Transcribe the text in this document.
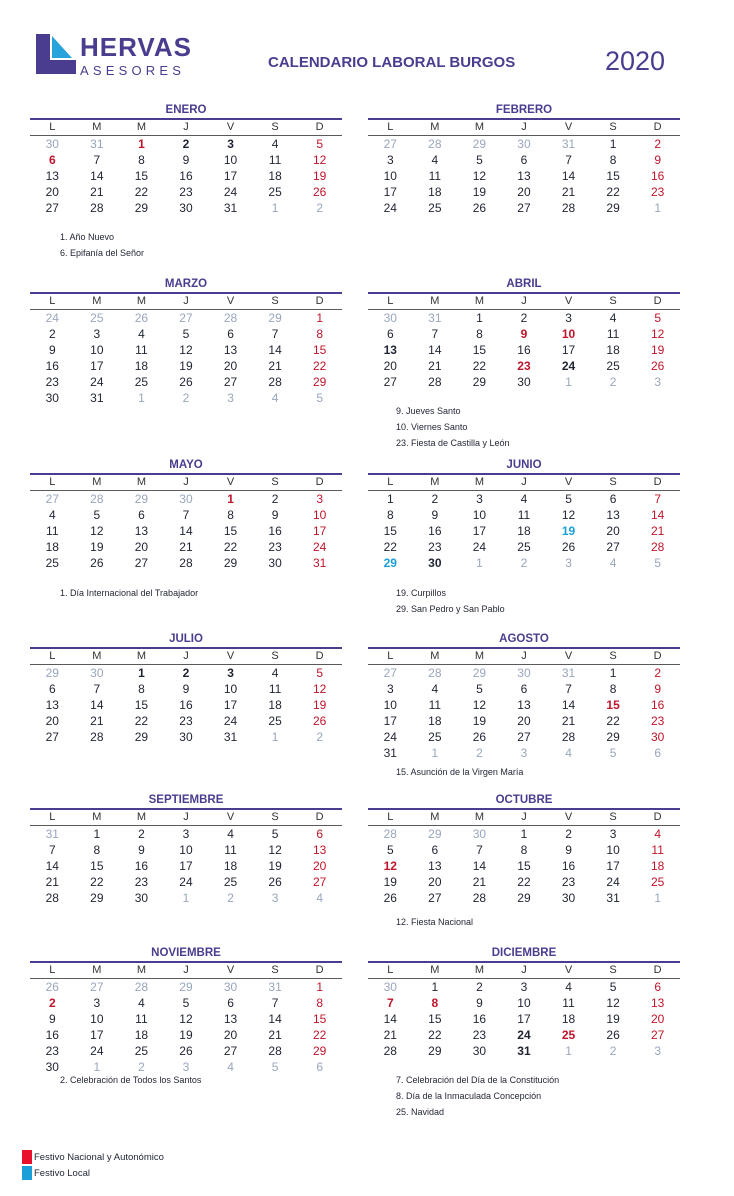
HERVAS
ASESORES	CALENDARIO LABORAL BURGOS	2020
ENERO
L	M	M	J	V	S	D
30	31	1	2	3	4	5
6	7	8	9	10	11	12
13	14	15	16	17	18	19
20	21	22	23	24	25	26
27	28	29	30	31	1	2
1. Año Nuevo
6. Epifanía del Señor
FEBRERO
L	M	M	J	V	S	D
27	28	29	30	31	1	2
3	4	5	6	7	8	9
10	11	12	13	14	15	16
17	18	19	20	21	22	23
24	25	26	27	28	29	1
MARZO
L	M	M	J	V	S	D
24	25	26	27	28	29	1
2	3	4	5	6	7	8
9	10	11	12	13	14	15
16	17	18	19	20	21	22
23	24	25	26	27	28	29
30	31	1	2	3	4	5
ABRIL
L	M	M	J	V	S	D
30	31	1	2	3	4	5
6	7	8	9	10	11	12
13	14	15	16	17	18	19
20	21	22	23	24	25	26
27	28	29	30	1	2	3
9. Jueves Santo
10. Viernes Santo
23. Fiesta de Castilla y León
MAYO
L	M	M	J	V	S	D
27	28	29	30	1	2	3
4	5	6	7	8	9	10
11	12	13	14	15	16	17
18	19	20	21	22	23	24
25	26	27	28	29	30	31
1. Día Internacional del Trabajador
JUNIO
L	M	M	J	V	S	D
1	2	3	4	5	6	7
8	9	10	11	12	13	14
15	16	17	18	19	20	21
22	23	24	25	26	27	28
29	30	1	2	3	4	5
19. Curpillos
29. San Pedro y San Pablo
JULIO
L	M	M	J	V	S	D
29	30	1	2	3	4	5
6	7	8	9	10	11	12
13	14	15	16	17	18	19
20	21	22	23	24	25	26
27	28	29	30	31	1	2
AGOSTO
L	M	M	J	V	S	D
27	28	29	30	31	1	2
3	4	5	6	7	8	9
10	11	12	13	14	15	16
17	18	19	20	21	22	23
24	25	26	27	28	29	30
31	1	2	3	4	5	6
15. Asunción de la Virgen María
SEPTIEMBRE
L	M	M	J	V	S	D
31	1	2	3	4	5	6
7	8	9	10	11	12	13
14	15	16	17	18	19	20
21	22	23	24	25	26	27
28	29	30	1	2	3	4
OCTUBRE
L	M	M	J	V	S	D
28	29	30	1	2	3	4
5	6	7	8	9	10	11
12	13	14	15	16	17	18
19	20	21	22	23	24	25
26	27	28	29	30	31	1
12. Fiesta Nacional
NOVIEMBRE
L	M	M	J	V	S	D
26	27	28	29	30	31	1
2	3	4	5	6	7	8
9	10	11	12	13	14	15
16	17	18	19	20	21	22
23	24	25	26	27	28	29
30	1	2	3	4	5	6
2. Celebración de Todos los Santos
DICIEMBRE
L	M	M	J	V	S	D
30	1	2	3	4	5	6
7	8	9	10	11	12	13
14	15	16	17	18	19	20
21	22	23	24	25	26	27
28	29	30	31	1	2	3
7. Celebración del Día de la Constitución
8. Día de la Inmaculada Concepción
25. Navidad
Festivo Nacional y Autonómico
Festivo Local
